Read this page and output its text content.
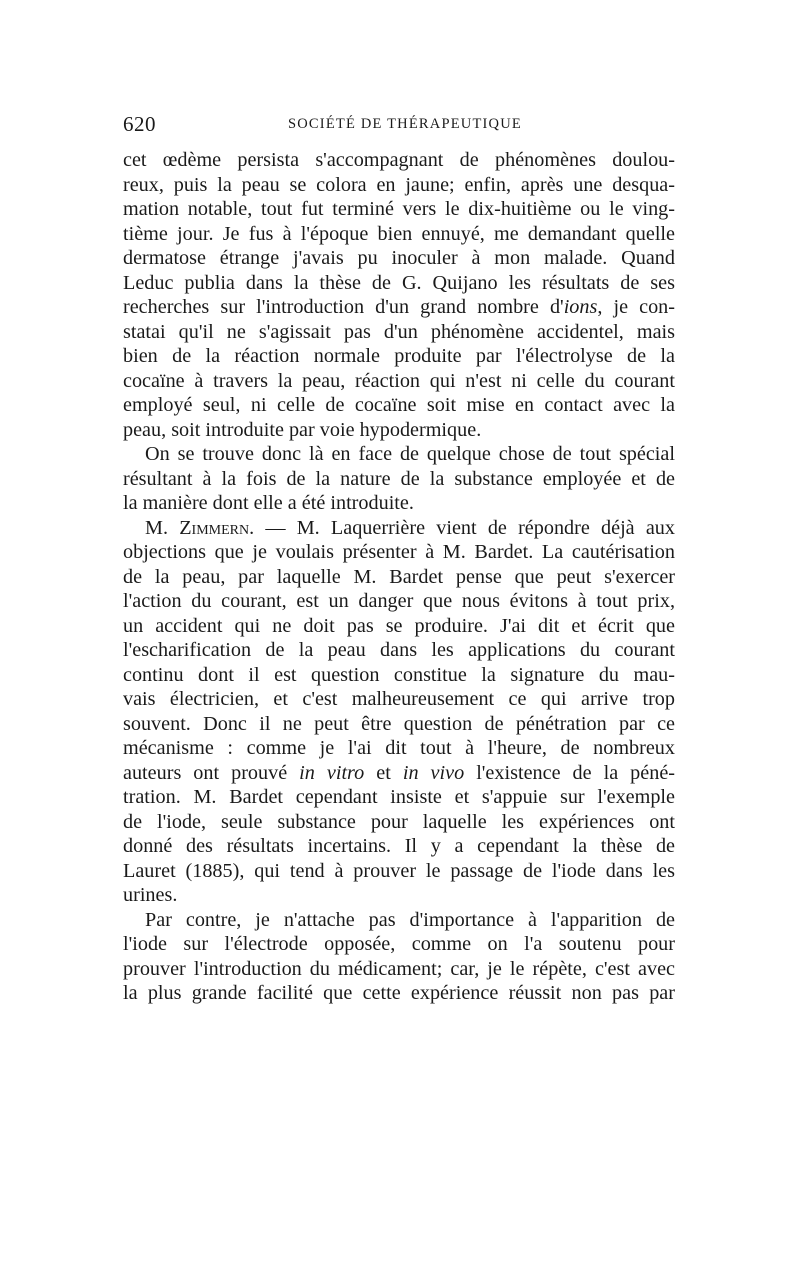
620	SOCIÉTÉ DE THÉRAPEUTIQUE
cet œdème persista s'accompagnant de phénomènes doulou-
reux, puis la peau se colora en jaune; enfin, après une desqua-
mation notable, tout fut terminé vers le dix-huitième ou le ving-
tième jour. Je fus à l'époque bien ennuyé, me demandant quelle
dermatose étrange j'avais pu inoculer à mon malade. Quand
Leduc publia dans la thèse de G. Quijano les résultats de ses
recherches sur l'introduction d'un grand nombre d'ions, je con-
statai qu'il ne s'agissait pas d'un phénomène accidentel, mais
bien de la réaction normale produite par l'électrolyse de la
cocaïne à travers la peau, réaction qui n'est ni celle du courant
employé seul, ni celle de cocaïne soit mise en contact avec la
peau, soit introduite par voie hypodermique.
On se trouve donc là en face de quelque chose de tout spécial
résultant à la fois de la nature de la substance employée et de
la manière dont elle a été introduite.
M. Zimmern. — M. Laquerrière vient de répondre déjà aux
objections que je voulais présenter à M. Bardet. La cautérisation
de la peau, par laquelle M. Bardet pense que peut s'exercer
l'action du courant, est un danger que nous évitons à tout prix,
un accident qui ne doit pas se produire. J'ai dit et écrit que
l'escharification de la peau dans les applications du courant
continu dont il est question constitue la signature du mau-
vais électricien, et c'est malheureusement ce qui arrive trop
souvent. Donc il ne peut être question de pénétration par ce
mécanisme : comme je l'ai dit tout à l'heure, de nombreux
auteurs ont prouvé in vitro et in vivo l'existence de la péné-
tration. M. Bardet cependant insiste et s'appuie sur l'exemple
de l'iode, seule substance pour laquelle les expériences ont
donné des résultats incertains. Il y a cependant la thèse de
Lauret (1885), qui tend à prouver le passage de l'iode dans les
urines.
Par contre, je n'attache pas d'importance à l'apparition de
l'iode sur l'électrode opposée, comme on l'a soutenu pour
prouver l'introduction du médicament; car, je le répète, c'est avec
la plus grande facilité que cette expérience réussit non pas par
